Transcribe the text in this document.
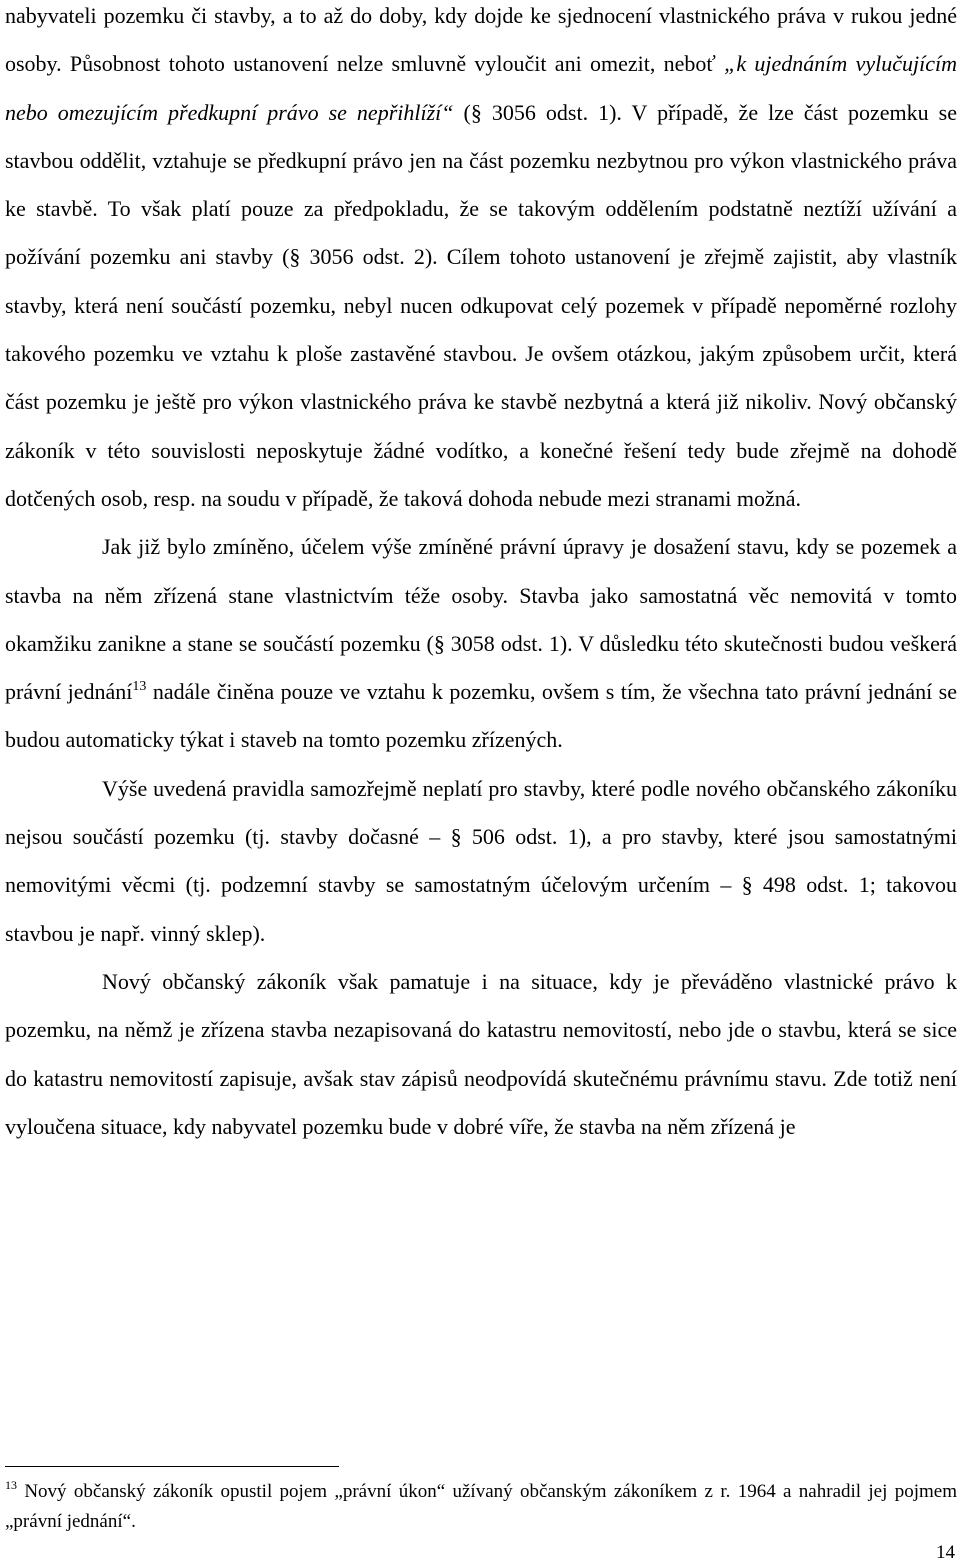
nabyvateli pozemku či stavby, a to až do doby, kdy dojde ke sjednocení vlastnického práva v rukou jedné osoby. Působnost tohoto ustanovení nelze smluvně vyloučit ani omezit, neboť „k ujednáním vylučujícím nebo omezujícím předkupní právo se nepřihlíží“ (§ 3056 odst. 1). V případě, že lze část pozemku se stavbou oddělit, vztahuje se předkupní právo jen na část pozemku nezbytnou pro výkon vlastnického práva ke stavbě. To však platí pouze za předpokladu, že se takovým oddělením podstatně neztíží užívání a požívání pozemku ani stavby (§ 3056 odst. 2). Cílem tohoto ustanovení je zřejmě zajistit, aby vlastník stavby, která není součástí pozemku, nebyl nucen odkupovat celý pozemek v případě nepoměrné rozlohy takového pozemku ve vztahu k ploše zastavěné stavbou. Je ovšem otázkou, jakým způsobem určit, která část pozemku je ještě pro výkon vlastnického práva ke stavbě nezbytná a která již nikoliv. Nový občanský zákoník v této souvislosti neposkytuje žádné vodítko, a konečné řešení tedy bude zřejmě na dohodě dotčených osob, resp. na soudu v případě, že taková dohoda nebude mezi stranami možná.

Jak již bylo zmíněno, účelem výše zmíněné právní úpravy je dosažení stavu, kdy se pozemek a stavba na něm zřízená stane vlastnictvím téže osoby. Stavba jako samostatná věc nemovitá v tomto okamžiku zanikne a stane se součástí pozemku (§ 3058 odst. 1). V důsledku této skutečnosti budou veškerá právní jednání$^{13}$ nadále činěna pouze ve vztahu k pozemku, ovšem s tím, že všechna tato právní jednání se budou automaticky týkat i staveb na tomto pozemku zřízených.

Výše uvedená pravidla samozřejmě neplatí pro stavby, které podle nového občanského zákoníku nejsou součástí pozemku (tj. stavby dočasné – § 506 odst. 1), a pro stavby, které jsou samostatnými nemovitými věcmi (tj. podzemní stavby se samostatným účelovým určením – § 498 odst. 1; takovou stavbou je např. vinný sklep).

Nový občanský zákoník však pamatuje i na situace, kdy je převáděno vlastnické právo k pozemku, na němž je zřízena stavba nezapisovaná do katastru nemovitostí, nebo jde o stavbu, která se sice do katastru nemovitostí zapisuje, avšak stav zápisů neodpovídá skutečnému právnímu stavu. Zde totiž není vyloučena situace, kdy nabyvatel pozemku bude v dobré víře, že stavba na něm zřízená je

$^{13}$ Nový občanský zákoník opustil pojem „právní úkon“ užívaný občanským zákoníkem z r. 1964 a nahradil jej pojmem „právní jednání“.

14
